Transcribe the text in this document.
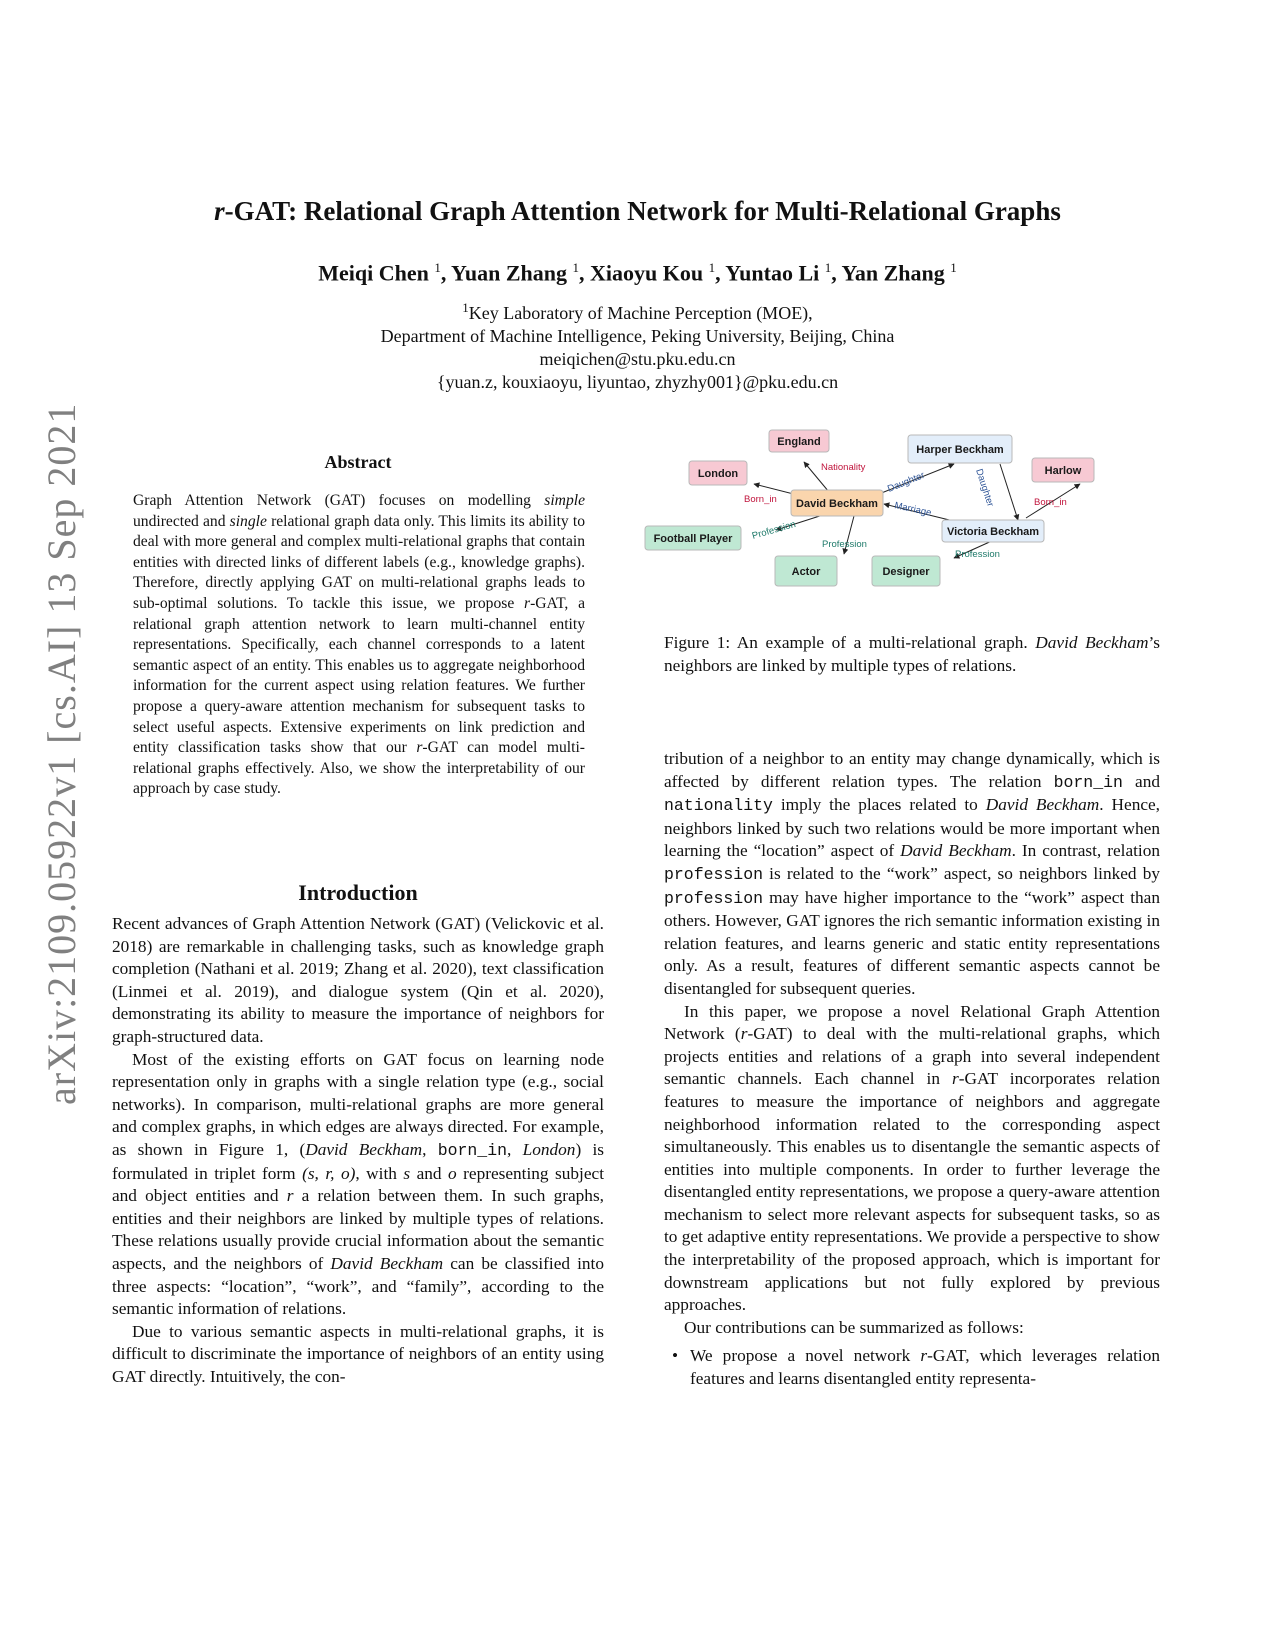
arXiv:2109.05922v1 [cs.AI] 13 Sep 2021
r-GAT: Relational Graph Attention Network for Multi-Relational Graphs
Meiqi Chen $^1$, Yuan Zhang $^1$, Xiaoyu Kou $^1$, Yuntao Li $^1$, Yan Zhang $^1$
$^1$Key Laboratory of Machine Perception (MOE),
Department of Machine Intelligence, Peking University, Beijing, China
meiqichen@stu.pku.edu.cn
{yuan.z, kouxiaoyu, liyuntao, zhyzhy001}@pku.edu.cn
Abstract

Graph Attention Network (GAT) focuses on modelling simple undirected and single relational graph data only. This limits its ability to deal with more general and complex multi-relational graphs that contain entities with directed links of different labels (e.g., knowledge graphs). Therefore, directly applying GAT on multi-relational graphs leads to sub-optimal solutions. To tackle this issue, we propose r-GAT, a relational graph attention network to learn multi-channel entity representations. Specifically, each channel corresponds to a latent semantic aspect of an entity. This enables us to aggregate neighborhood information for the current aspect using relation features. We further propose a query-aware attention mechanism for subsequent tasks to select useful aspects. Extensive experiments on link prediction and entity classification tasks show that our r-GAT can model multi-relational graphs effectively. Also, we show the interpretability of our approach by case study.

Introduction

Recent advances of Graph Attention Network (GAT) (Velickovic et al. 2018) are remarkable in challenging tasks, such as knowledge graph completion (Nathani et al. 2019; Zhang et al. 2020), text classification (Linmei et al. 2019), and dialogue system (Qin et al. 2020), demonstrating its ability to measure the importance of neighbors for graph-structured data.

Most of the existing efforts on GAT focus on learning node representation only in graphs with a single relation type (e.g., social networks). In comparison, multi-relational graphs are more general and complex graphs, in which edges are always directed. For example, as shown in Figure 1, (David Beckham, born_in, London) is formulated in triplet form (s, r, o), with s and o representing subject and object entities and r a relation between them. In such graphs, entities and their neighbors are linked by multiple types of relations. These relations usually provide crucial information about the semantic aspects, and the neighbors of David Beckham can be classified into three aspects: “location”, “work”, and “family”, according to the semantic information of relations.

Due to various semantic aspects in multi-relational graphs, it is difficult to discriminate the importance of neighbors of an entity using GAT directly. Intuitively, the con-

Nationality
Born_in
Daughter	Daughter
Marriage	Born_in
Profession
Profession
Profession
England
London
Harper Beckham
Harlow
David Beckham
Victoria Beckham
Football Player
Actor	Designer

Figure 1: An example of a multi-relational graph. David Beckham’s neighbors are linked by multiple types of relations.

tribution of a neighbor to an entity may change dynamically, which is affected by different relation types. The relation born_in and nationality imply the places related to David Beckham. Hence, neighbors linked by such two relations would be more important when learning the “location” aspect of David Beckham. In contrast, relation profession is related to the “work” aspect, so neighbors linked by profession may have higher importance to the “work” aspect than others. However, GAT ignores the rich semantic information existing in relation features, and learns generic and static entity representations only. As a result, features of different semantic aspects cannot be disentangled for subsequent queries.

In this paper, we propose a novel Relational Graph Attention Network (r-GAT) to deal with the multi-relational graphs, which projects entities and relations of a graph into several independent semantic channels. Each channel in r-GAT incorporates relation features to measure the importance of neighbors and aggregate neighborhood information related to the corresponding aspect simultaneously. This enables us to disentangle the semantic aspects of entities into multiple components. In order to further leverage the disentangled entity representations, we propose a query-aware attention mechanism to select more relevant aspects for subsequent tasks, so as to get adaptive entity representations. We provide a perspective to show the interpretability of the proposed approach, which is important for downstream applications but not fully explored by previous approaches.

Our contributions can be summarized as follows:

• We propose a novel network r-GAT, which leverages relation features and learns disentangled entity representa-
